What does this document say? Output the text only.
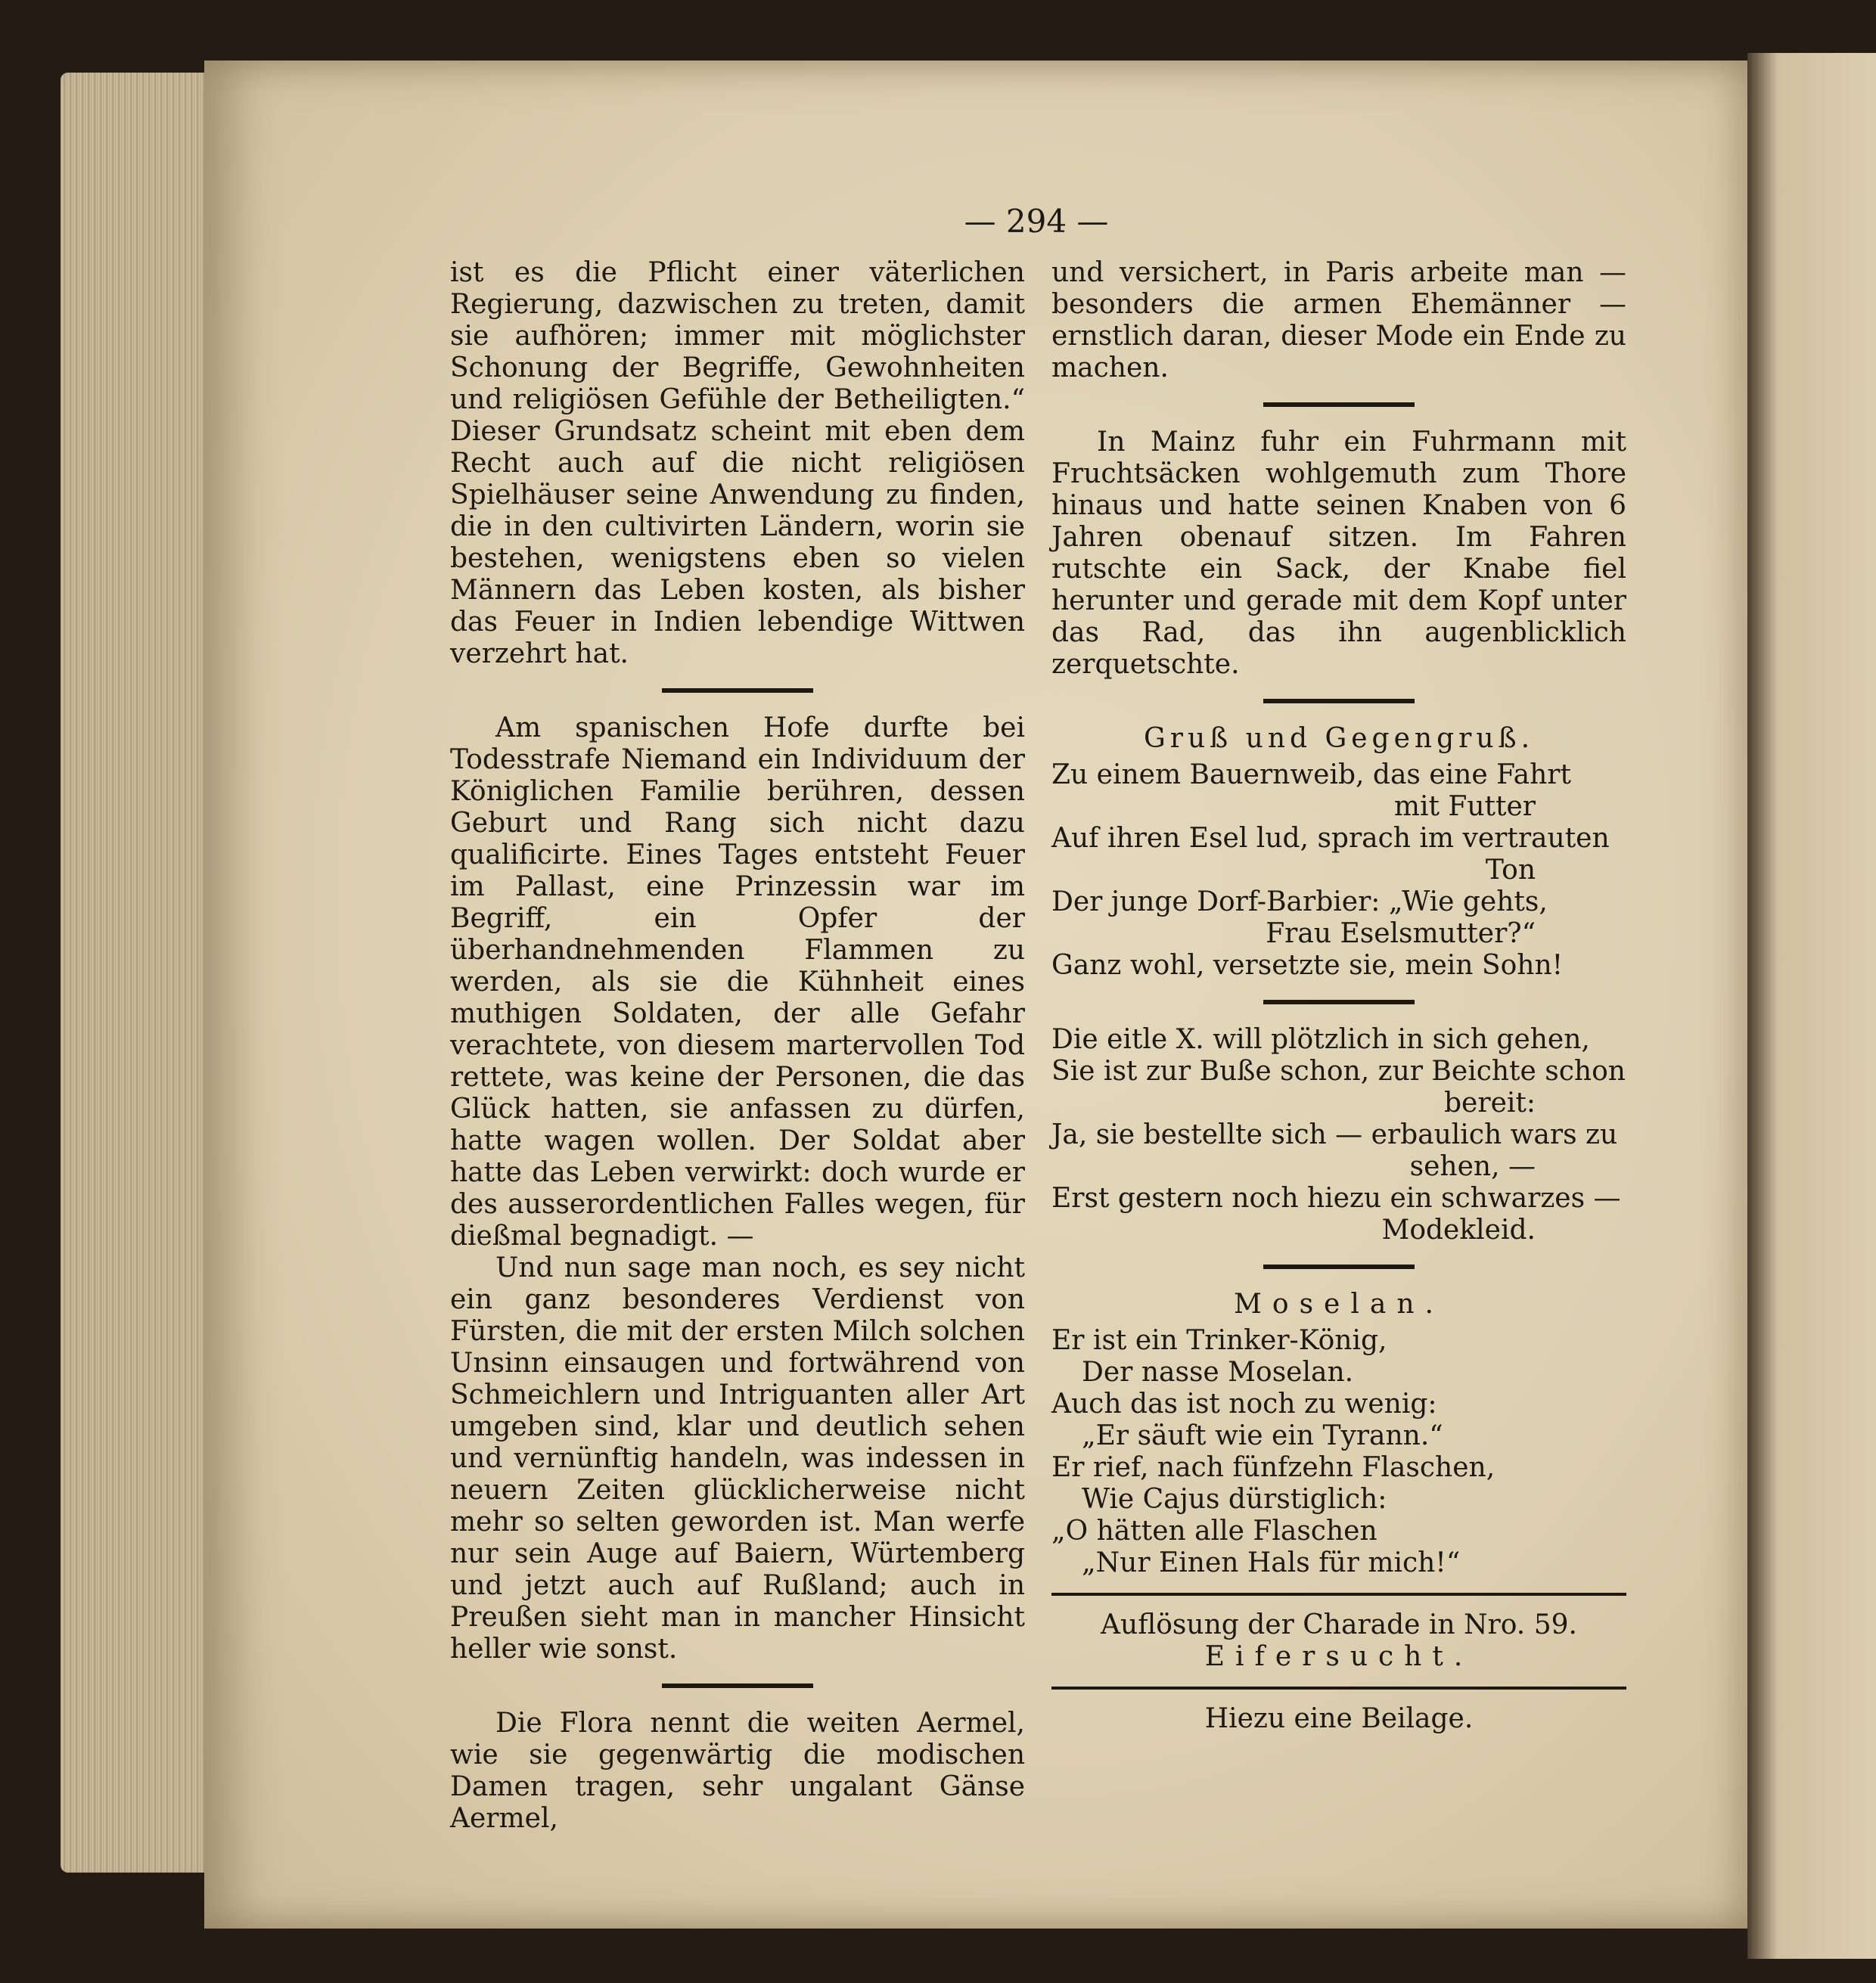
— 294 —

ist es die Pflicht einer väterlichen Regierung, dazwischen zu treten, damit sie aufhören; immer mit möglichster Schonung der Begriffe, Gewohnheiten und religiösen Gefühle der Betheiligten.“ Dieser Grundsatz scheint mit eben dem Recht auch auf die nicht religiösen Spielhäuser seine Anwendung zu finden, die in den cultivirten Ländern, worin sie bestehen, wenigstens eben so vielen Männern das Leben kosten, als bisher das Feuer in Indien lebendige Wittwen verzehrt hat.

Am spanischen Hofe durfte bei Todesstrafe Niemand ein Individuum der Königlichen Familie berühren, dessen Geburt und Rang sich nicht dazu qualificirte. Eines Tages entsteht Feuer im Pallast, eine Prinzessin war im Begriff, ein Opfer der überhandnehmenden Flammen zu werden, als sie die Kühnheit eines muthigen Soldaten, der alle Gefahr verachtete, von diesem martervollen Tod rettete, was keine der Personen, die das Glück hatten, sie anfassen zu dürfen, hatte wagen wollen. Der Soldat aber hatte das Leben verwirkt: doch wurde er des ausserordentlichen Falles wegen, für dießmal begnadigt. —

Und nun sage man noch, es sey nicht ein ganz besonderes Verdienst von Fürsten, die mit der ersten Milch solchen Unsinn einsaugen und fortwährend von Schmeichlern und Intriguanten aller Art umgeben sind, klar und deutlich sehen und vernünftig handeln, was indessen in neuern Zeiten glücklicherweise nicht mehr so selten geworden ist. Man werfe nur sein Auge auf Baiern, Würtemberg und jetzt auch auf Rußland; auch in Preußen sieht man in mancher Hinsicht heller wie sonst.

Die Flora nennt die weiten Aermel, wie sie gegenwärtig die modischen Damen tragen, sehr ungalant Gänse Aermel,

und versichert, in Paris arbeite man — besonders die armen Ehemänner — ernstlich daran, dieser Mode ein Ende zu machen.

In Mainz fuhr ein Fuhrmann mit Fruchtsäcken wohlgemuth zum Thore hinaus und hatte seinen Knaben von 6 Jahren obenauf sitzen. Im Fahren rutschte ein Sack, der Knabe fiel herunter und gerade mit dem Kopf unter das Rad, das ihn augenblicklich zerquetschte.

Gruß und Gegengruß.

Zu einem Bauernweib, das eine Fahrt
mit Futter
Auf ihren Esel lud, sprach im vertrauten
Ton
Der junge Dorf-Barbier: „Wie gehts,
Frau Eselsmutter?“
Ganz wohl, versetzte sie, mein Sohn!
Die eitle X. will plötzlich in sich gehen,
Sie ist zur Buße schon, zur Beichte schon
bereit:
Ja, sie bestellte sich — erbaulich wars zu
sehen, —
Erst gestern noch hiezu ein schwarzes —
Modekleid.

Moselan.

Er ist ein Trinker-König,
Der nasse Moselan.
Auch das ist noch zu wenig:
„Er säuft wie ein Tyrann.“
Er rief, nach fünfzehn Flaschen,
Wie Cajus dürstiglich:
„O hätten alle Flaschen
„Nur Einen Hals für mich!“

Auflösung der Charade in Nro. 59.

Eifersucht.

Hiezu eine Beilage.
